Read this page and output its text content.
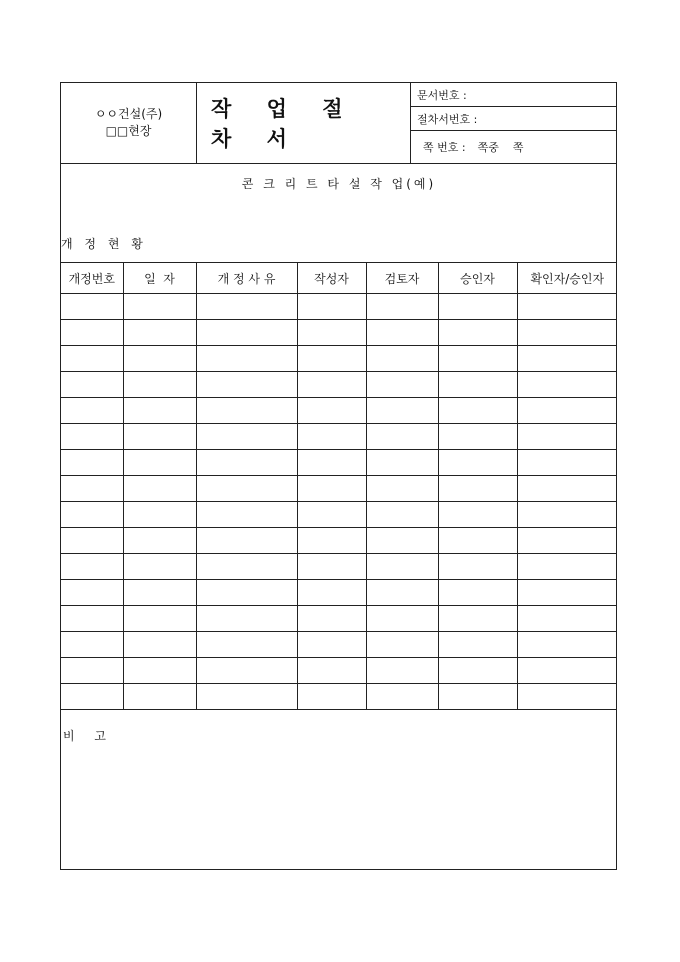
ㅇㅇ건설(주)
□□현장
작 업 절 차 서
문서번호 :
절차서번호 :
쪽 번호 : 쪽중    쪽
콘 크 리 트 타 설 작 업(예)
개 정 현 황
개정번호	일  자	개 정 사 유	작성자	검토자	승인자	확인자/승인자

비 고
